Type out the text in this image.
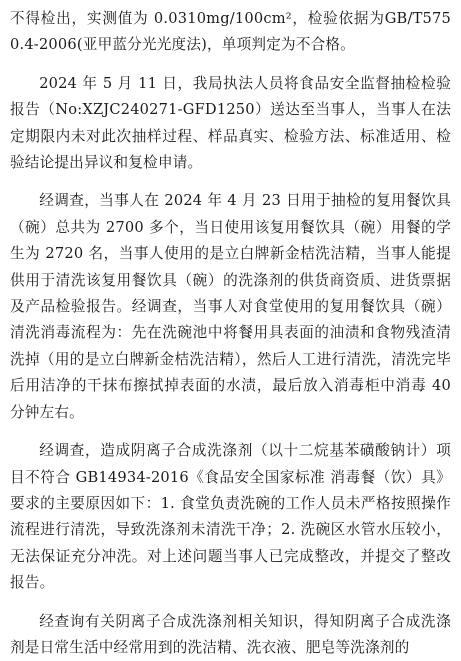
不得检出，实测值为 0.0310mg/100cm²，检验依据为GB/T5750.4-2006(亚甲蓝分光光度法)，单项判定为不合格。

2024 年 5 月 11 日，我局执法人员将食品安全监督抽检检验报告（No:XZJC240271-GFD1250）送达至当事人，当事人在法定期限内未对此次抽样过程、样品真实、检验方法、标准适用、检验结论提出异议和复检申请。

经调查，当事人在 2024 年 4 月 23 日用于抽检的复用餐饮具（碗）总共为 2700 多个，当日使用该复用餐饮具（碗）用餐的学生为 2720 名，当事人使用的是立白牌新金桔洗洁精，当事人能提供用于清洗该复用餐饮具（碗）的洗涤剂的供货商资质、进货票据及产品检验报告。经调查，当事人对食堂使用的复用餐饮具（碗）清洗消毒流程为：先在洗碗池中将餐用具表面的油渍和食物残渣清洗掉（用的是立白牌新金桔洗洁精），然后人工进行清洗，清洗完毕后用洁净的干抹布擦拭掉表面的水渍，最后放入消毒柜中消毒 40 分钟左右。

经调查，造成阴离子合成洗涤剂（以十二烷基苯磺酸钠计）项目不符合 GB14934-2016《食品安全国家标准 消毒餐（饮）具》要求的主要原因如下：1. 食堂负责洗碗的工作人员未严格按照操作流程进行清洗，导致洗涤剂未清洗干净；2. 洗碗区水管水压较小，无法保证充分冲洗。对上述问题当事人已完成整改，并提交了整改报告。

经查询有关阴离子合成洗涤剂相关知识，得知阴离子合成洗涤剂是日常生活中经常用到的洗洁精、洗衣液、肥皂等洗涤剂的
